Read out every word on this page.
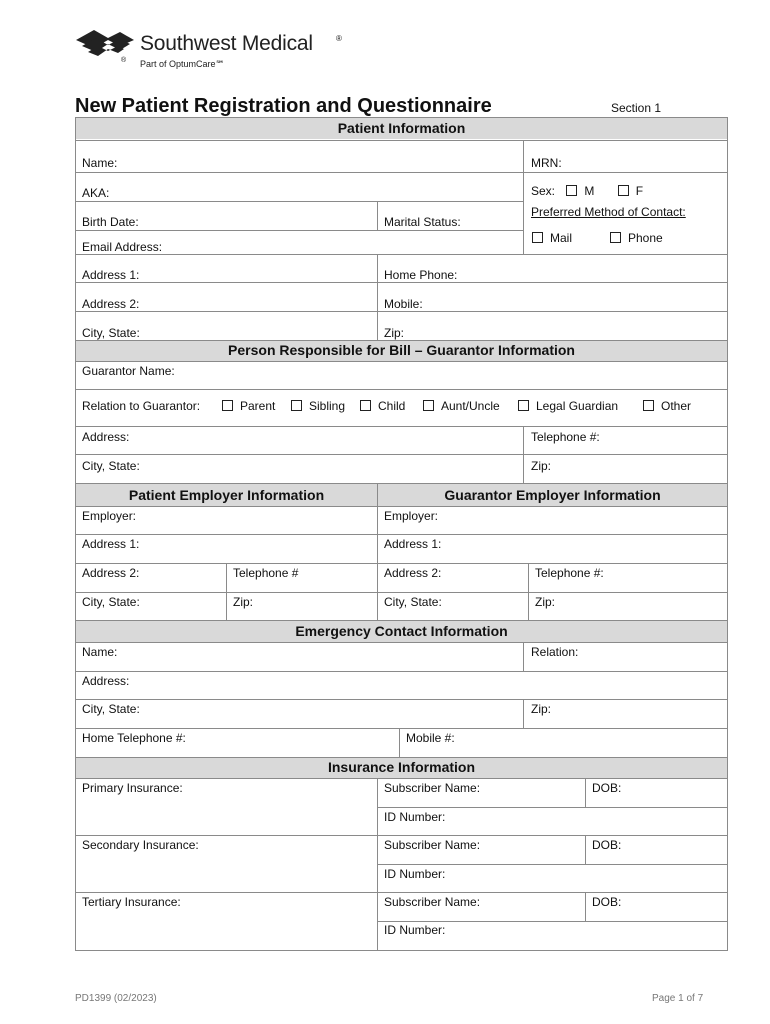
Southwest Medical	®
Part of OptumCare℠
®
New Patient Registration and Questionnaire	Section 1
Patient Information
Name:	MRN:
AKA:	Sex: M	F
Birth Date:	Marital Status:
Preferred Method of Contact:
Mail	Phone
Email Address:
Address 1:	Home Phone:
Address 2:	Mobile:
City, State:	Zip:
Person Responsible for Bill – Guarantor Information
Guarantor Name:
Relation to Guarantor:	Parent	Sibling	Child	Aunt/Uncle	Legal Guardian	Other
Address:	Telephone #:
City, State:	Zip:
Patient Employer Information	Guarantor Employer Information
Employer:	Employer:
Address 1:	Address 1:
Address 2:	Telephone #	Address 2:	Telephone #:
City, State:	Zip:	City, State:	Zip:
Emergency Contact Information
Name:	Relation:
Address:
City, State:	Zip:
Home Telephone #:	Mobile #:
Insurance Information
Primary Insurance:	Subscriber Name:	DOB:
ID Number:
Secondary Insurance:	Subscriber Name:	DOB:
ID Number:
Tertiary Insurance:	Subscriber Name:	DOB:
ID Number:
PD1399 (02/2023)	Page 1 of 7
